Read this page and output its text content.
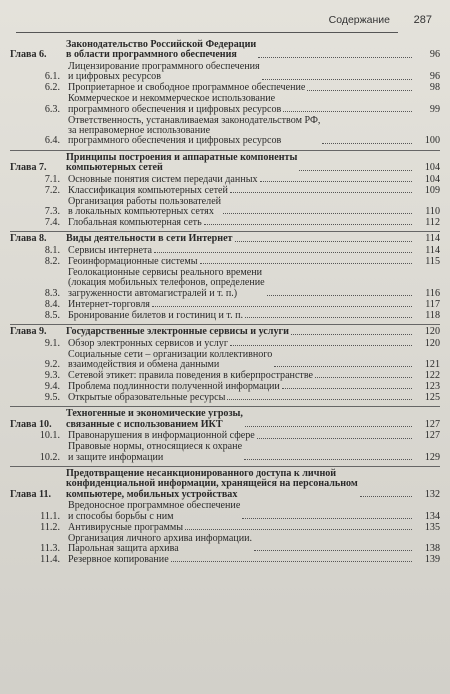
Содержание 287
Глава 6.
Законодательство Российской Федерации
в области программного обеспечения	96
6.1.
Лицензирование программного обеспечения
и цифровых ресурсов	96
6.2. Проприетарное и свободное программное обеспечение	98
6.3.
Коммерческое и некоммерческое использование
программного обеспечения и цифровых ресурсов	99
6.4.
Ответственность, устанавливаемая законодательством РФ,
за неправомерное использование
программного обеспечения и цифровых ресурсов	100
Глава 7.
Принципы построения и аппаратные компоненты
компьютерных сетей	104
7.1. Основные понятия систем передачи данных	104
7.2. Классификация компьютерных сетей	109
7.3.
Организация работы пользователей
в локальных компьютерных сетях	110
7.4. Глобальная компьютерная сеть	112
Глава 8.	Виды деятельности в сети Интернет	114
8.1. Сервисы интернета	114
8.2. Геоинформационные системы	115
8.3.
Геолокационные сервисы реального времени
(локация мобильных телефонов, определение
загруженности автомагистралей и т. п.)	116
8.4. Интернет-торговля	117
8.5. Бронирование билетов и гостиниц и т. п.	118
Глава 9.	Государственные электронные сервисы и услуги	120
9.1. Обзор электронных сервисов и услуг	120
9.2.
Социальные сети – организации коллективного
взаимодействия и обмена данными	121
9.3. Сетевой этикет: правила поведения в киберпространстве	122
9.4. Проблема подлинности полученной информации	123
9.5. Открытые образовательные ресурсы	125
Глава 10.
Техногенные и экономические угрозы,
связанные с использованием ИКТ	127
10.1. Правонарушения в информационной сфере	127
10.2.
Правовые нормы, относящиеся к охране
и защите информации	129
Глава 11.
Предотвращение несанкционированного доступа к личной
конфиденциальной информации, хранящейся на персональном
компьютере, мобильных устройствах	132
11.1.
Вредоносное программное обеспечение
и способы борьбы с ним	134
11.2. Антивирусные программы	135
11.3.
Организация личного архива информации.
Парольная защита архива	138
11.4. Резервное копирование	139
